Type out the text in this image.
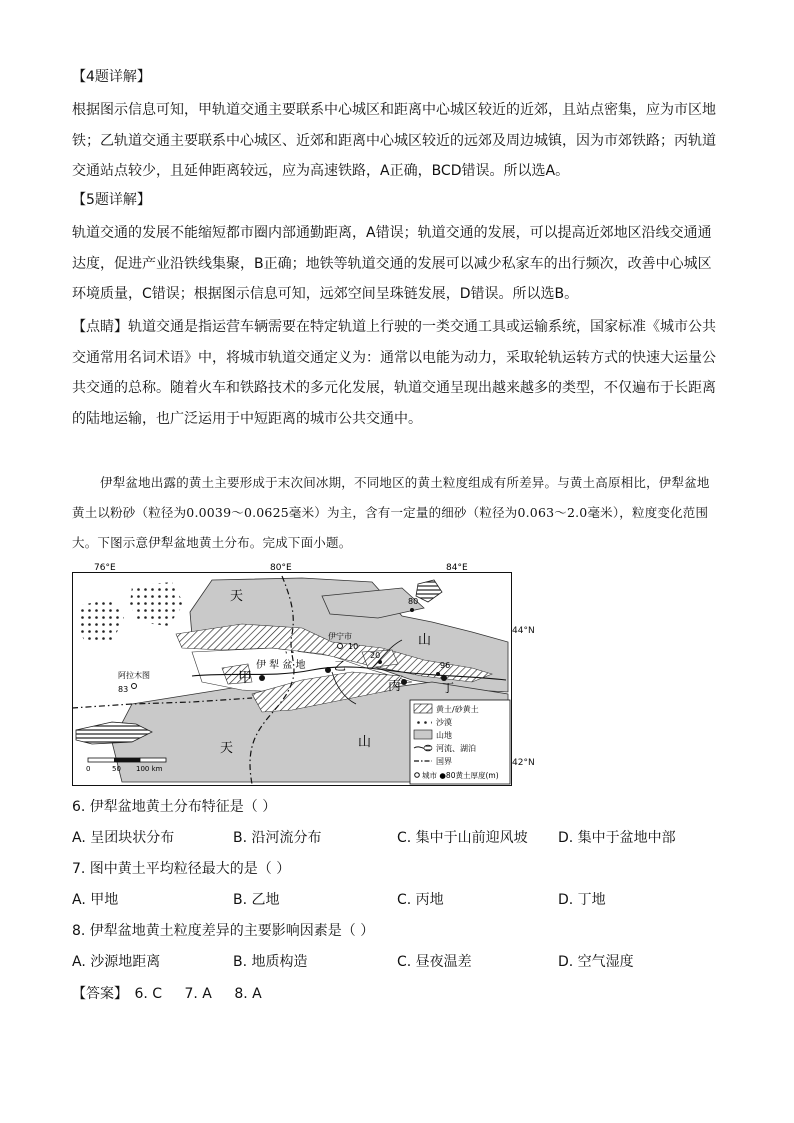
【4题详解】

根据图示信息可知，甲轨道交通主要联系中心城区和距离中心城区较近的近郊，且站点密集，应为市区地铁；乙轨道交通主要联系中心城区、近郊和距离中心城区较近的远郊及周边城镇，因为市郊铁路；丙轨道交通站点较少，且延伸距离较远，应为高速铁路，A正确，BCD错误。所以选A。

【5题详解】

轨道交通的发展不能缩短都市圈内部通勤距离，A错误；轨道交通的发展，可以提高近郊地区沿线交通通达度，促进产业沿铁线集聚，B正确；地铁等轨道交通的发展可以减少私家车的出行频次，改善中心城区环境质量，C错误；根据图示信息可知，远郊空间呈珠链发展，D错误。所以选B。

【点睛】轨道交通是指运营车辆需要在特定轨道上行驶的一类交通工具或运输系统，国家标准《城市公共交通常用名词术语》中，将城市轨道交通定义为：通常以电能为动力，采取轮轨运转方式的快速大运量公共交通的总称。随着火车和铁路技术的多元化发展，轨道交通呈现出越来越多的类型，不仅遍布于长距离的陆地运输，也广泛运用于中短距离的城市公共交通中。

伊犁盆地出露的黄土主要形成于末次间冰期，不同地区的黄土粒度组成有所差异。与黄土高原相比，伊犁盆地黄土以粉砂（粒径为0.0039～0.0625毫米）为主，含有一定量的细砂（粒径为0.063～2.0毫米），粒度变化范围大。下图示意伊犁盆地黄土分布。完成下面小题。

76°E	80°E	84°E
天
山
天	山
伊 犁 盆 地
甲
乙
丙	丁
伊宁市
10
阿拉木图
83
80
20
96
0	50 100 km
黄土/砂黄土
沙漠
山地
河流、湖泊
国界
城市 ●80黄土厚度(m)
44°N
42°N
6. 伊犁盆地黄土分布特征是（ ）
A. 呈团块状分布	B. 沿河流分布	C. 集中于山前迎风坡 D. 集中于盆地中部
7. 图中黄土平均粒径最大的是（ ）
A. 甲地	B. 乙地	C. 丙地	D. 丁地
8. 伊犁盆地黄土粒度差异的主要影响因素是（ ）
A. 沙源地距离	B. 地质构造	C. 昼夜温差	D. 空气湿度
【答案】 6. C 7. A 8. A
